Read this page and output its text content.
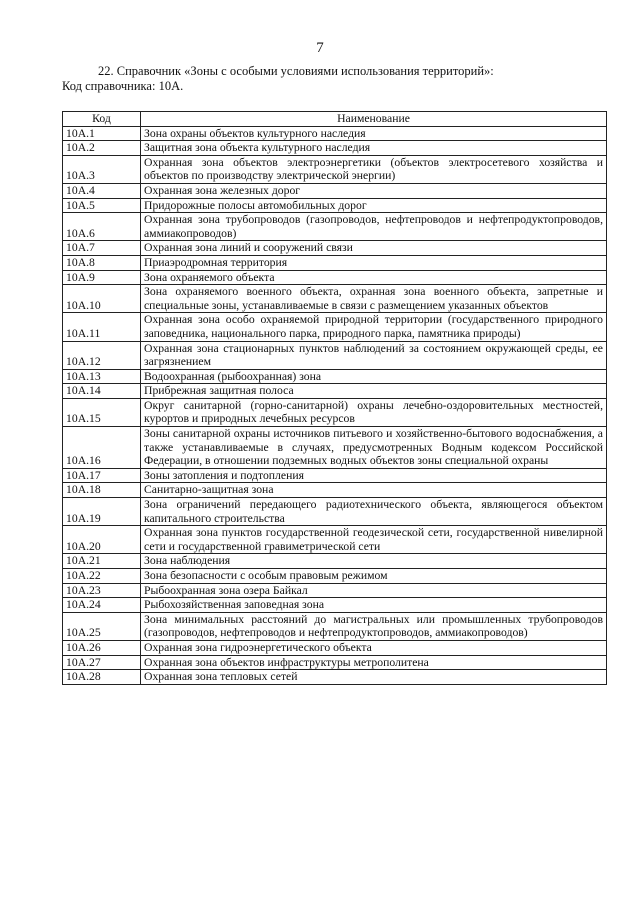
7
22. Справочник «Зоны с особыми условиями использования территорий»:
Код справочника: 10А.
Код	Наименование
10А.1	Зона охраны объектов культурного наследия
10А.2	Защитная зона объекта культурного наследия
10А.3	Охранная зона объектов электроэнергетики (объектов электросетевого хозяйства и объектов по производству электрической энергии)
10А.4	Охранная зона железных дорог
10А.5	Придорожные полосы автомобильных дорог
10А.6	Охранная зона трубопроводов (газопроводов, нефтепроводов и нефтепродуктопроводов, аммиакопроводов)
10А.7	Охранная зона линий и сооружений связи
10А.8	Приаэродромная территория
10А.9	Зона охраняемого объекта
10А.10	Зона охраняемого военного объекта, охранная зона военного объекта, запретные и специальные зоны, устанавливаемые в связи с размещением указанных объектов
10А.11	Охранная зона особо охраняемой природной территории (государственного природного заповедника, национального парка, природного парка, памятника природы)
10А.12	Охранная зона стационарных пунктов наблюдений за состоянием окружающей среды, ее загрязнением
10А.13	Водоохранная (рыбоохранная) зона
10А.14	Прибрежная защитная полоса
10А.15	Округ санитарной (горно-санитарной) охраны лечебно-оздоровительных местностей, курортов и природных лечебных ресурсов
10А.16	Зоны санитарной охраны источников питьевого и хозяйственно-бытового водоснабжения, а также устанавливаемые в случаях, предусмотренных Водным кодексом Российской Федерации, в отношении подземных водных объектов зоны специальной охраны
10А.17	Зоны затопления и подтопления
10А.18	Санитарно-защитная зона
10А.19	Зона ограничений передающего радиотехнического объекта, являющегося объектом капитального строительства
10А.20	Охранная зона пунктов государственной геодезической сети, государственной нивелирной сети и государственной гравиметрической сети
10А.21	Зона наблюдения
10А.22	Зона безопасности с особым правовым режимом
10А.23	Рыбоохранная зона озера Байкал
10А.24	Рыбохозяйственная заповедная зона
10А.25	Зона минимальных расстояний до магистральных или промышленных трубопроводов (газопроводов, нефтепроводов и нефтепродуктопроводов, аммиакопроводов)
10А.26	Охранная зона гидроэнергетического объекта
10А.27	Охранная зона объектов инфраструктуры метрополитена
10А.28	Охранная зона тепловых сетей
